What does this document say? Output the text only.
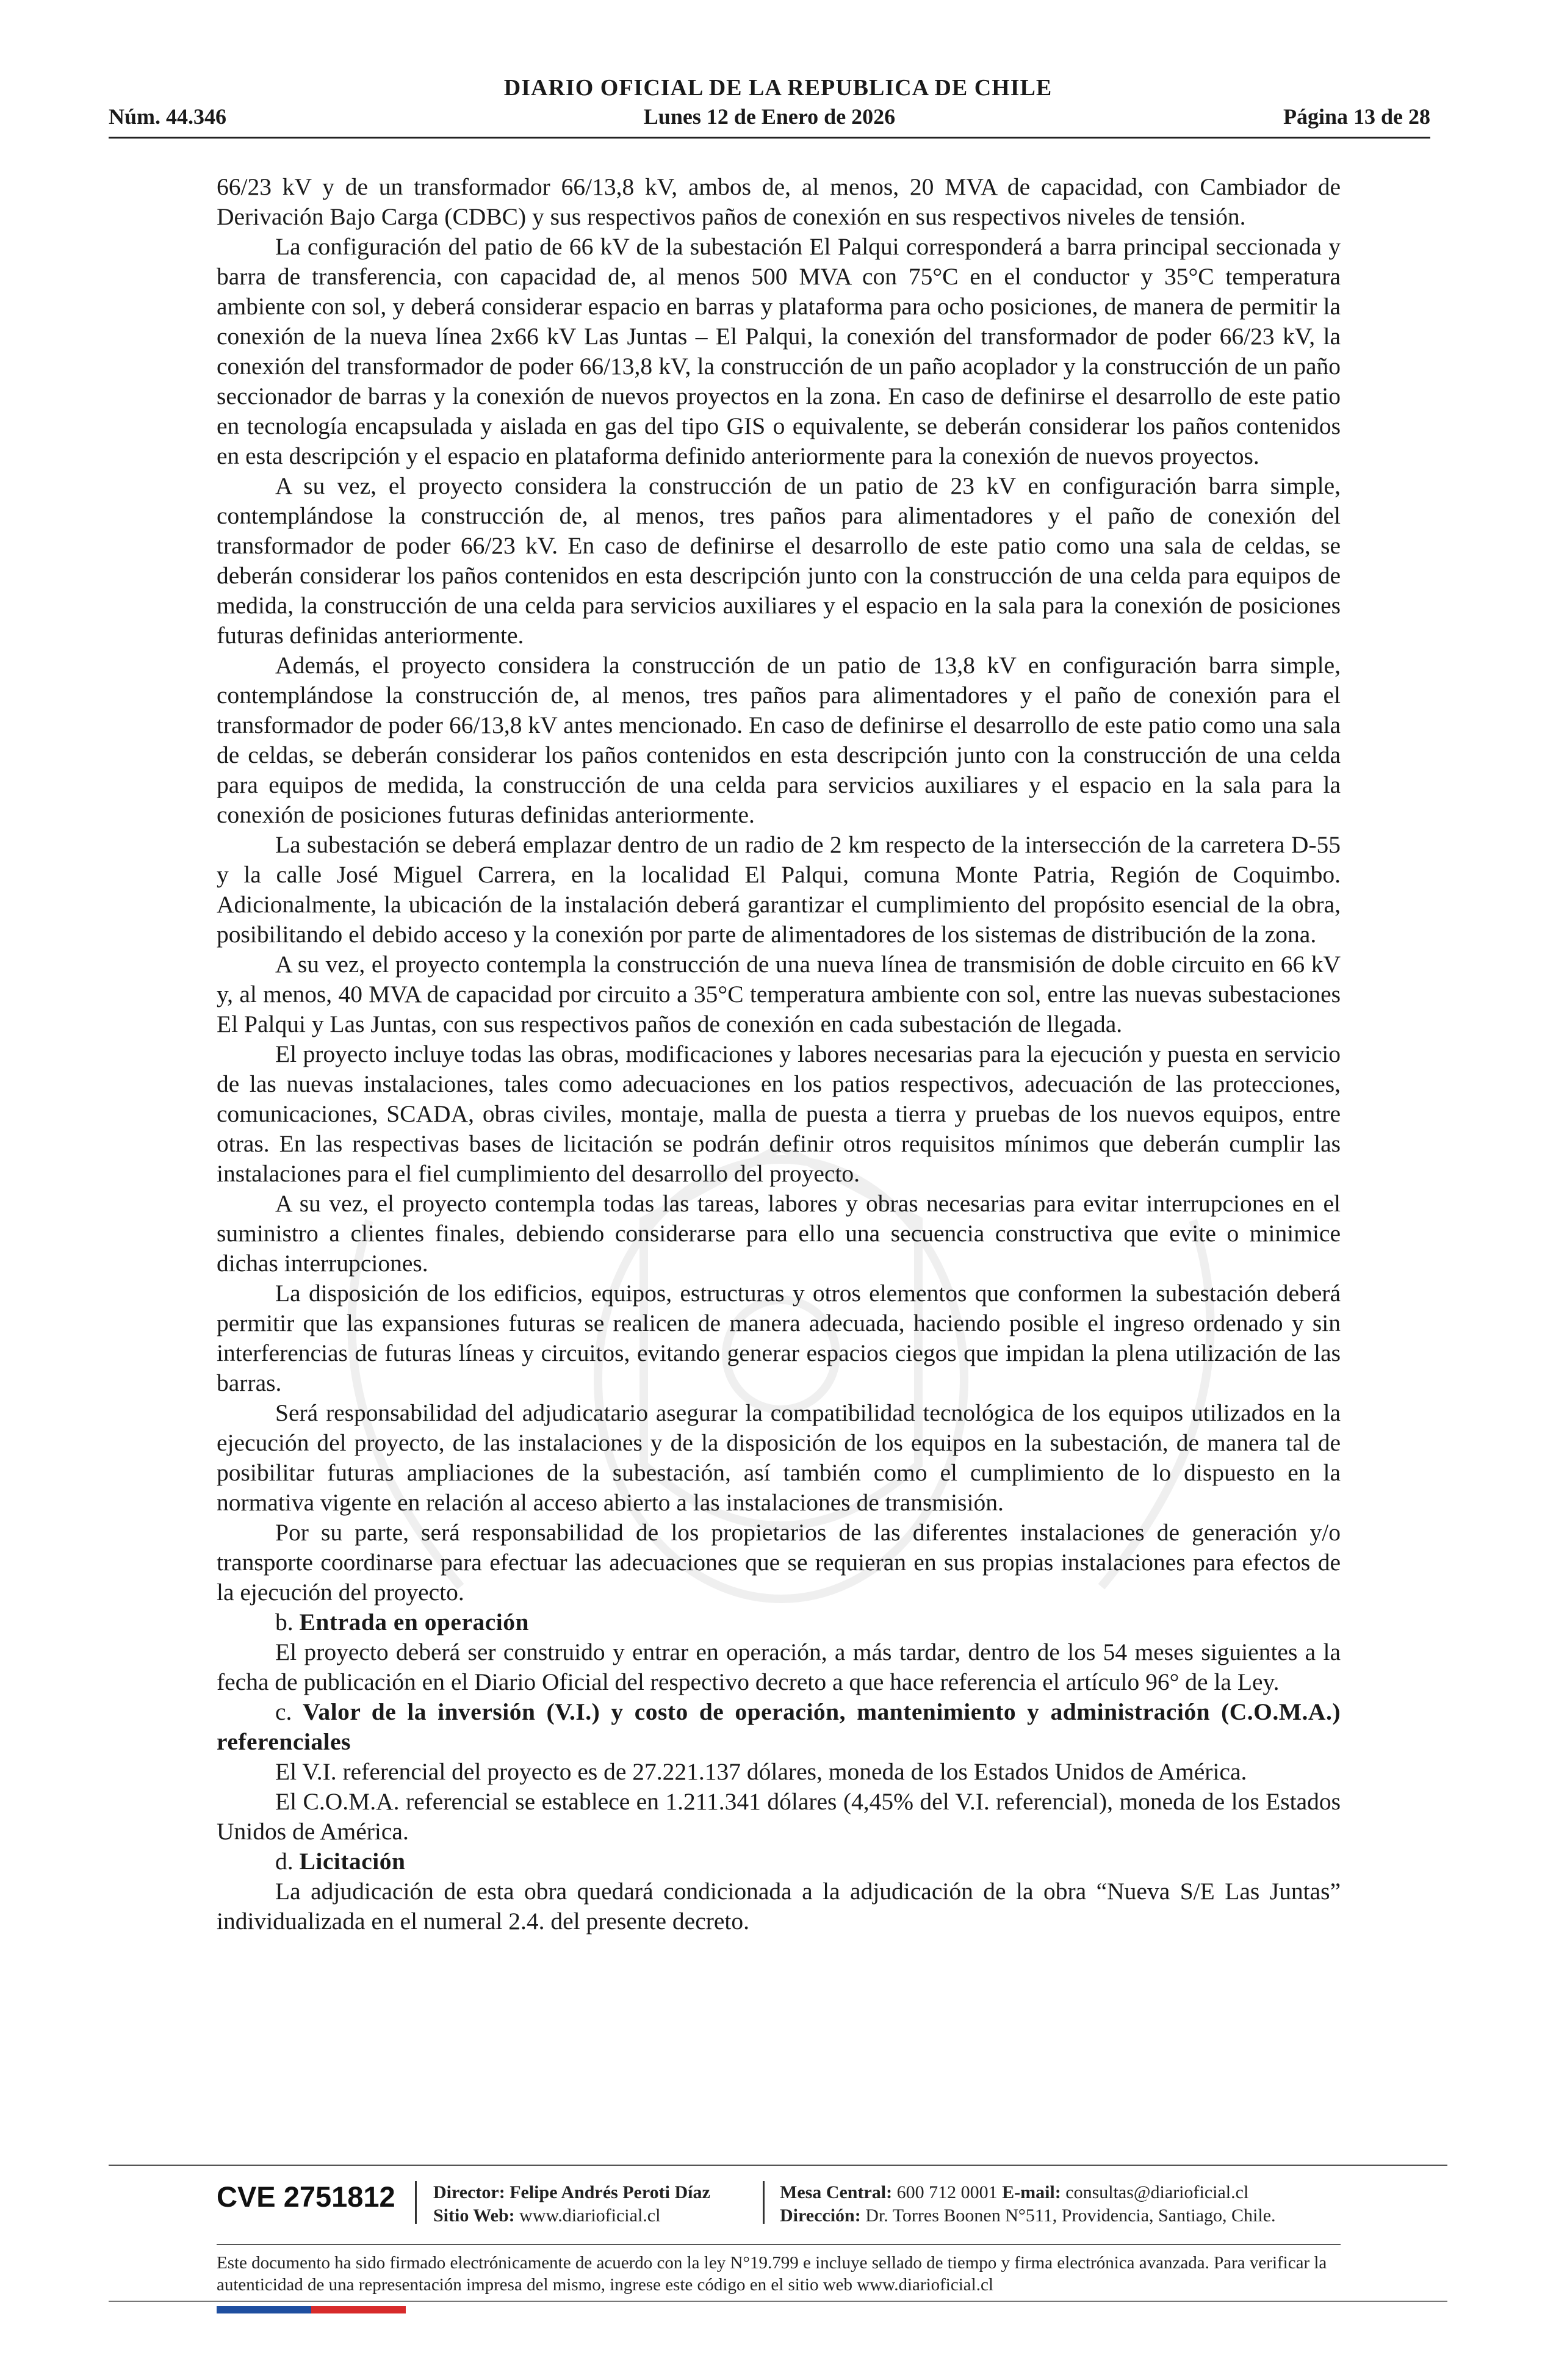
DIARIO OFICIAL DE LA REPUBLICA DE CHILE
Núm. 44.346	Lunes 12 de Enero de 2026	Página 13 de 28

66/23 kV y de un transformador 66/13,8 kV, ambos de, al menos, 20 MVA de capacidad, con Cambiador de Derivación Bajo Carga (CDBC) y sus respectivos paños de conexión en sus respectivos niveles de tensión.

La configuración del patio de 66 kV de la subestación El Palqui corresponderá a barra principal seccionada y barra de transferencia, con capacidad de, al menos 500 MVA con 75°C en el conductor y 35°C temperatura ambiente con sol, y deberá considerar espacio en barras y plataforma para ocho posiciones, de manera de permitir la conexión de la nueva línea 2x66 kV Las Juntas – El Palqui, la conexión del transformador de poder 66/23 kV, la conexión del transformador de poder 66/13,8 kV, la construcción de un paño acoplador y la construcción de un paño seccionador de barras y la conexión de nuevos proyectos en la zona. En caso de definirse el desarrollo de este patio en tecnología encapsulada y aislada en gas del tipo GIS o equivalente, se deberán considerar los paños contenidos en esta descripción y el espacio en plataforma definido anteriormente para la conexión de nuevos proyectos.

A su vez, el proyecto considera la construcción de un patio de 23 kV en configuración barra simple, contemplándose la construcción de, al menos, tres paños para alimentadores y el paño de conexión del transformador de poder 66/23 kV. En caso de definirse el desarrollo de este patio como una sala de celdas, se deberán considerar los paños contenidos en esta descripción junto con la construcción de una celda para equipos de medida, la construcción de una celda para servicios auxiliares y el espacio en la sala para la conexión de posiciones futuras definidas anteriormente.

Además, el proyecto considera la construcción de un patio de 13,8 kV en configuración barra simple, contemplándose la construcción de, al menos, tres paños para alimentadores y el paño de conexión para el transformador de poder 66/13,8 kV antes mencionado. En caso de definirse el desarrollo de este patio como una sala de celdas, se deberán considerar los paños contenidos en esta descripción junto con la construcción de una celda para equipos de medida, la construcción de una celda para servicios auxiliares y el espacio en la sala para la conexión de posiciones futuras definidas anteriormente.

La subestación se deberá emplazar dentro de un radio de 2 km respecto de la intersección de la carretera D-55 y la calle José Miguel Carrera, en la localidad El Palqui, comuna Monte Patria, Región de Coquimbo. Adicionalmente, la ubicación de la instalación deberá garantizar el cumplimiento del propósito esencial de la obra, posibilitando el debido acceso y la conexión por parte de alimentadores de los sistemas de distribución de la zona.

A su vez, el proyecto contempla la construcción de una nueva línea de transmisión de doble circuito en 66 kV y, al menos, 40 MVA de capacidad por circuito a 35°C temperatura ambiente con sol, entre las nuevas subestaciones El Palqui y Las Juntas, con sus respectivos paños de conexión en cada subestación de llegada.

El proyecto incluye todas las obras, modificaciones y labores necesarias para la ejecución y puesta en servicio de las nuevas instalaciones, tales como adecuaciones en los patios respectivos, adecuación de las protecciones, comunicaciones, SCADA, obras civiles, montaje, malla de puesta a tierra y pruebas de los nuevos equipos, entre otras. En las respectivas bases de licitación se podrán definir otros requisitos mínimos que deberán cumplir las instalaciones para el fiel cumplimiento del desarrollo del proyecto.

A su vez, el proyecto contempla todas las tareas, labores y obras necesarias para evitar interrupciones en el suministro a clientes finales, debiendo considerarse para ello una secuencia constructiva que evite o minimice dichas interrupciones.

La disposición de los edificios, equipos, estructuras y otros elementos que conformen la subestación deberá permitir que las expansiones futuras se realicen de manera adecuada, haciendo posible el ingreso ordenado y sin interferencias de futuras líneas y circuitos, evitando generar espacios ciegos que impidan la plena utilización de las barras.

Será responsabilidad del adjudicatario asegurar la compatibilidad tecnológica de los equipos utilizados en la ejecución del proyecto, de las instalaciones y de la disposición de los equipos en la subestación, de manera tal de posibilitar futuras ampliaciones de la subestación, así también como el cumplimiento de lo dispuesto en la normativa vigente en relación al acceso abierto a las instalaciones de transmisión.

Por su parte, será responsabilidad de los propietarios de las diferentes instalaciones de generación y/o transporte coordinarse para efectuar las adecuaciones que se requieran en sus propias instalaciones para efectos de la ejecución del proyecto.

b. Entrada en operación

El proyecto deberá ser construido y entrar en operación, a más tardar, dentro de los 54 meses siguientes a la fecha de publicación en el Diario Oficial del respectivo decreto a que hace referencia el artículo 96° de la Ley.

c. Valor de la inversión (V.I.) y costo de operación, mantenimiento y administración (C.O.M.A.) referenciales

El V.I. referencial del proyecto es de 27.221.137 dólares, moneda de los Estados Unidos de América.

El C.O.M.A. referencial se establece en 1.211.341 dólares (4,45% del V.I. referencial), moneda de los Estados Unidos de América.

d. Licitación

La adjudicación de esta obra quedará condicionada a la adjudicación de la obra “Nueva S/E Las Juntas” individualizada en el numeral 2.4. del presente decreto.

CVE 2751812 Director: Felipe Andrés Peroti Díaz
Sitio Web: www.diarioficial.cl
Mesa Central: 600 712 0001 E-mail: consultas@diarioficial.cl
Dirección: Dr. Torres Boonen N°511, Providencia, Santiago, Chile.
Este documento ha sido firmado electrónicamente de acuerdo con la ley N°19.799 e incluye sellado de tiempo y firma electrónica avanzada. Para verificar la autenticidad de una representación impresa del mismo, ingrese este código en el sitio web www.diarioficial.cl
